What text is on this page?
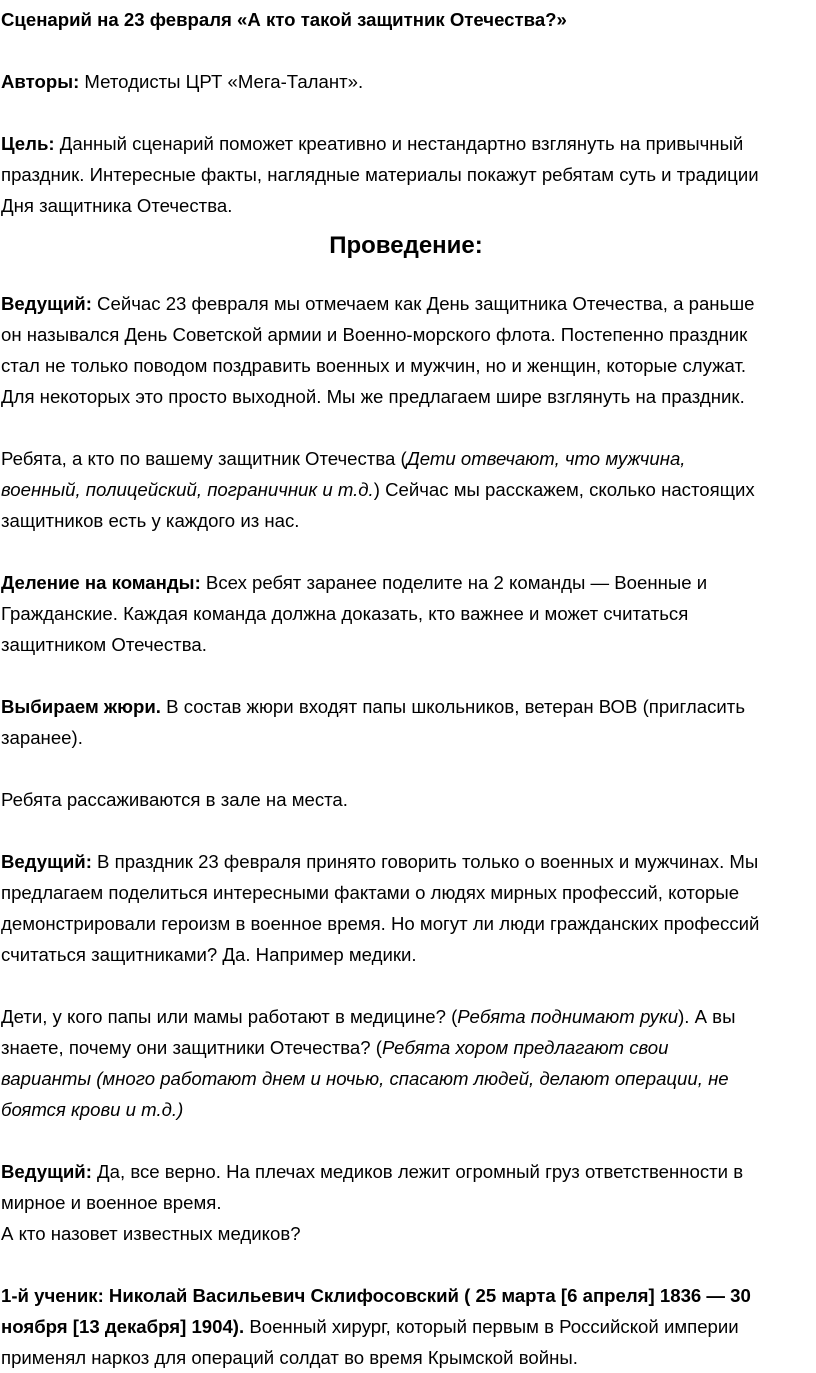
Сценарий на 23 февраля «А кто такой защитник Отечества?»

Авторы: Методисты ЦРТ «Мега-Талант».

Цель: Данный сценарий поможет креативно и нестандартно взглянуть на привычный

праздник. Интересные факты, наглядные материалы покажут ребятам суть и традиции

Дня защитника Отечества.

Проведение:

Ведущий: Сейчас 23 февраля мы отмечаем как День защитника Отечества, а раньше

он назывался День Советской армии и Военно-морского флота. Постепенно праздник

стал не только поводом поздравить военных и мужчин, но и женщин, которые служат.

Для некоторых это просто выходной. Мы же предлагаем шире взглянуть на праздник.

Ребята, а кто по вашему защитник Отечества (Дети отвечают, что мужчина,

военный, полицейский, пограничник и т.д.) Сейчас мы расскажем, сколько настоящих

защитников есть у каждого из нас.

Деление на команды: Всех ребят заранее поделите на 2 команды — Военные и

Гражданские. Каждая команда должна доказать, кто важнее и может считаться

защитником Отечества.

Выбираем жюри. В состав жюри входят папы школьников, ветеран ВОВ (пригласить

заранее).

Ребята рассаживаются в зале на места.

Ведущий: В праздник 23 февраля принято говорить только о военных и мужчинах. Мы

предлагаем поделиться интересными фактами о людях мирных профессий, которые

демонстрировали героизм в военное время. Но могут ли люди гражданских профессий

считаться защитниками? Да. Например медики.

Дети, у кого папы или мамы работают в медицине? (Ребята поднимают руки). А вы

знаете, почему они защитники Отечества? (Ребята хором предлагают свои

варианты (много работают днем и ночью, спасают людей, делают операции, не

боятся крови и т.д.)

Ведущий: Да, все верно. На плечах медиков лежит огромный груз ответственности в

мирное и военное время.

А кто назовет известных медиков?

1-й ученик: Николай Васильевич Склифосовский ( 25 марта [6 апреля] 1836 — 30

ноября [13 декабря] 1904). Военный хирург, который первым в Российской империи

применял наркоз для операций солдат во время Крымской войны.
